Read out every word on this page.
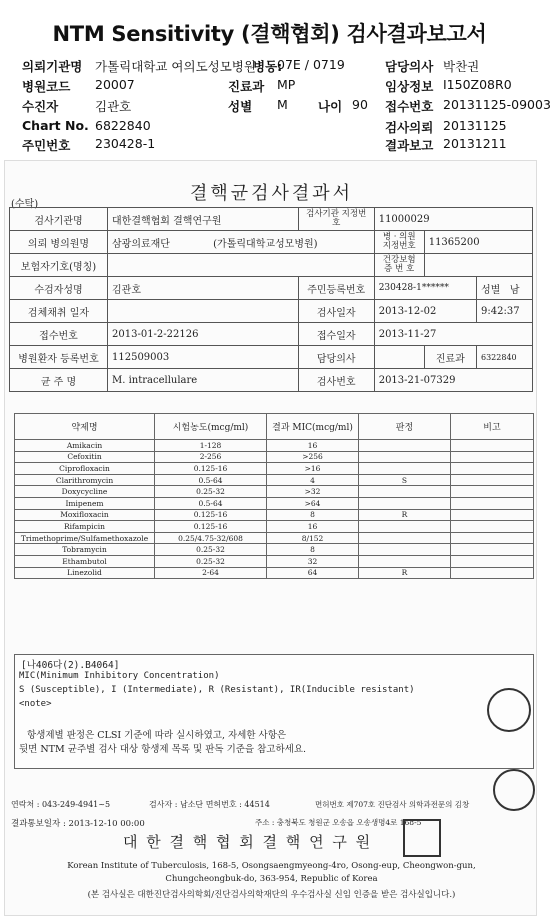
NTM Sensitivity (결핵협회) 검사결과보고서
의뢰기관명 가톨릭대학교 여의도성모병원
병동:
07E / 0719	담당의사 박찬권
병원코드 20007	진료과 MP	임상정보 I150Z08R0
수진자	김관호	성별 M 나이 90 접수번호 20131125-09003
Chart No. 6822840	검사의뢰 20131125
주민번호 230428-1	결과보고 20131211
(수탁)
결핵균검사결과서
검사기관명	대한결핵협회 결핵연구원	검사기관 지정번호	11000029		
의뢰 병의원명	삼광의료재단 (가톨릭대학교성모병원)		병 · 의원 지정번호	11365200	
보험자기호(명칭)			건강보험 증 번 호		
수검자성명	김관호	주민등록번호	230428-1******		성별 남
검체채취 일자		검사일자	2013-12-02		9:42:37
접수번호	2013-01-2-22126	접수일자	2013-11-27		
병원환자 등록번호	112509003	담당의사		진료과	6322840
균 주 명	M. intracellulare	검사번호	2013-21-07329		
약제명	시험농도(mcg/ml)	결과 MIC(mcg/ml)	판정	비고
Amikacin	1-128	16		
Cefoxitin	2-256	>256		
Ciprofloxacin	0.125-16	>16		
Clarithromycin	0.5-64	4	S	
Doxycycline	0.25-32	>32		
Imipenem	0.5-64	>64		
Moxifloxacin	0.125-16	8	R	
Rifampicin	0.125-16	16		
Trimethoprime/Sulfamethoxazole	0.25/4.75-32/608	8/152		
Tobramycin	0.25-32	8		
Ethambutol	0.25-32	32		
Linezolid	2-64	64	R	
[나406다(2).B4064]
MIC(Minimum Inhibitory Concentration)
S (Susceptible), I (Intermediate), R (Resistant), IR(Inducible resistant)
<note>
항생제별 판정은 CLSI 기준에 따라 실시하였고, 자세한 사항은
뒷면 NTM 균주별 검사 대상 항생제 목록 및 판독 기준을 참고하세요.
연락처 : 043-249-4941~5	검사자 : 남소단 면허번호 : 44514	면허번호 제707호 진단검사 의학과전문의 김창
결과통보일자 : 2013-12-10 00:00	주소 : 충청북도 청원군 오송읍 오송생명4로 168-5
대 한 결 핵 협 회 결 핵 연 구 원
Korean Institute of Tuberculosis, 168-5, Osongsaengmyeong-4ro, Osong-eup, Cheongwon-gun,
Chungcheongbuk-do, 363-954, Republic of Korea
(본 검사실은 대한진단검사의학회/진단검사의학재단의 우수검사실 신임 인증을 받은 검사실입니다.)
